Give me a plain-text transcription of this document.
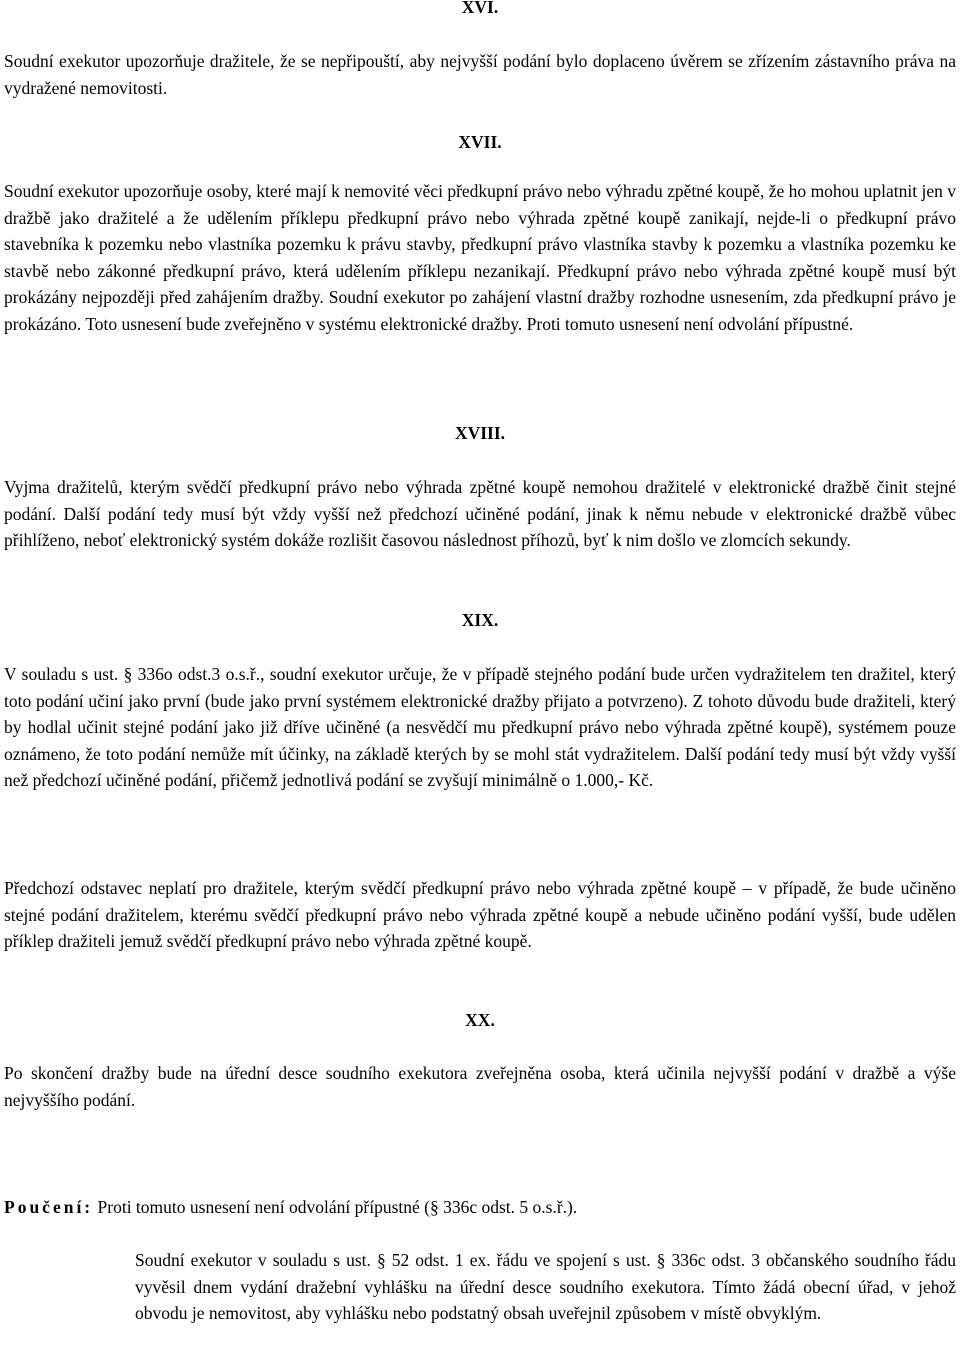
XVI.

Soudní exekutor upozorňuje dražitele, že se nepřipouští, aby nejvyšší podání bylo doplaceno úvěrem se zřízením zástavního práva na vydražené nemovitosti.

XVII.

Soudní exekutor upozorňuje osoby, které mají k nemovité věci předkupní právo nebo výhradu zpětné koupě, že ho mohou uplatnit jen v dražbě jako dražitelé a že udělením příklepu předkupní právo nebo výhrada zpětné koupě zanikají, nejde-li o předkupní právo stavebníka k pozemku nebo vlastníka pozemku k právu stavby, předkupní právo vlastníka stavby k pozemku a vlastníka pozemku ke stavbě nebo zákonné předkupní právo, která udělením příklepu nezanikají. Předkupní právo nebo výhrada zpětné koupě musí být prokázány nejpozději před zahájením dražby. Soudní exekutor po zahájení vlastní dražby rozhodne usnesením, zda předkupní právo je prokázáno. Toto usnesení bude zveřejněno v systému elektronické dražby. Proti tomuto usnesení není odvolání přípustné.

XVIII.

Vyjma dražitelů, kterým svědčí předkupní právo nebo výhrada zpětné koupě nemohou dražitelé v elektronické dražbě činit stejné podání. Další podání tedy musí být vždy vyšší než předchozí učiněné podání, jinak k němu nebude v elektronické dražbě vůbec přihlíženo, neboť elektronický systém dokáže rozlišit časovou následnost příhozů, byť k nim došlo ve zlomcích sekundy.

XIX.

V souladu s ust. § 336o odst.3 o.s.ř., soudní exekutor určuje, že v případě stejného podání bude určen vydražitelem ten dražitel, který toto podání učiní jako první (bude jako první systémem elektronické dražby přijato a potvrzeno). Z tohoto důvodu bude dražiteli, který by hodlal učinit stejné podání jako již dříve učiněné (a nesvědčí mu předkupní právo nebo výhrada zpětné koupě), systémem pouze oznámeno, že toto podání nemůže mít účinky, na základě kterých by se mohl stát vydražitelem. Další podání tedy musí být vždy vyšší než předchozí učiněné podání, přičemž jednotlivá podání se zvyšují minimálně o 1.000,- Kč.

Předchozí odstavec neplatí pro dražitele, kterým svědčí předkupní právo nebo výhrada zpětné koupě – v případě, že bude učiněno stejné podání dražitelem, kterému svědčí předkupní právo nebo výhrada zpětné koupě a nebude učiněno podání vyšší, bude udělen příklep dražiteli jemuž svědčí předkupní právo nebo výhrada zpětné koupě.

XX.

Po skončení dražby bude na úřední desce soudního exekutora zveřejněna osoba, která učinila nejvyšší podání v dražbě a výše nejvyššího podání.

Poučení: Proti tomuto usnesení není odvolání přípustné (§ 336c odst. 5 o.s.ř.).

Soudní exekutor v souladu s ust. § 52 odst. 1 ex. řádu ve spojení s ust. § 336c odst. 3 občanského soudního řádu vyvěsil dnem vydání dražební vyhlášku na úřední desce soudního exekutora. Tímto žádá obecní úřad, v jehož obvodu je nemovitost, aby vyhlášku nebo podstatný obsah uveřejnil způsobem v místě obvyklým.
